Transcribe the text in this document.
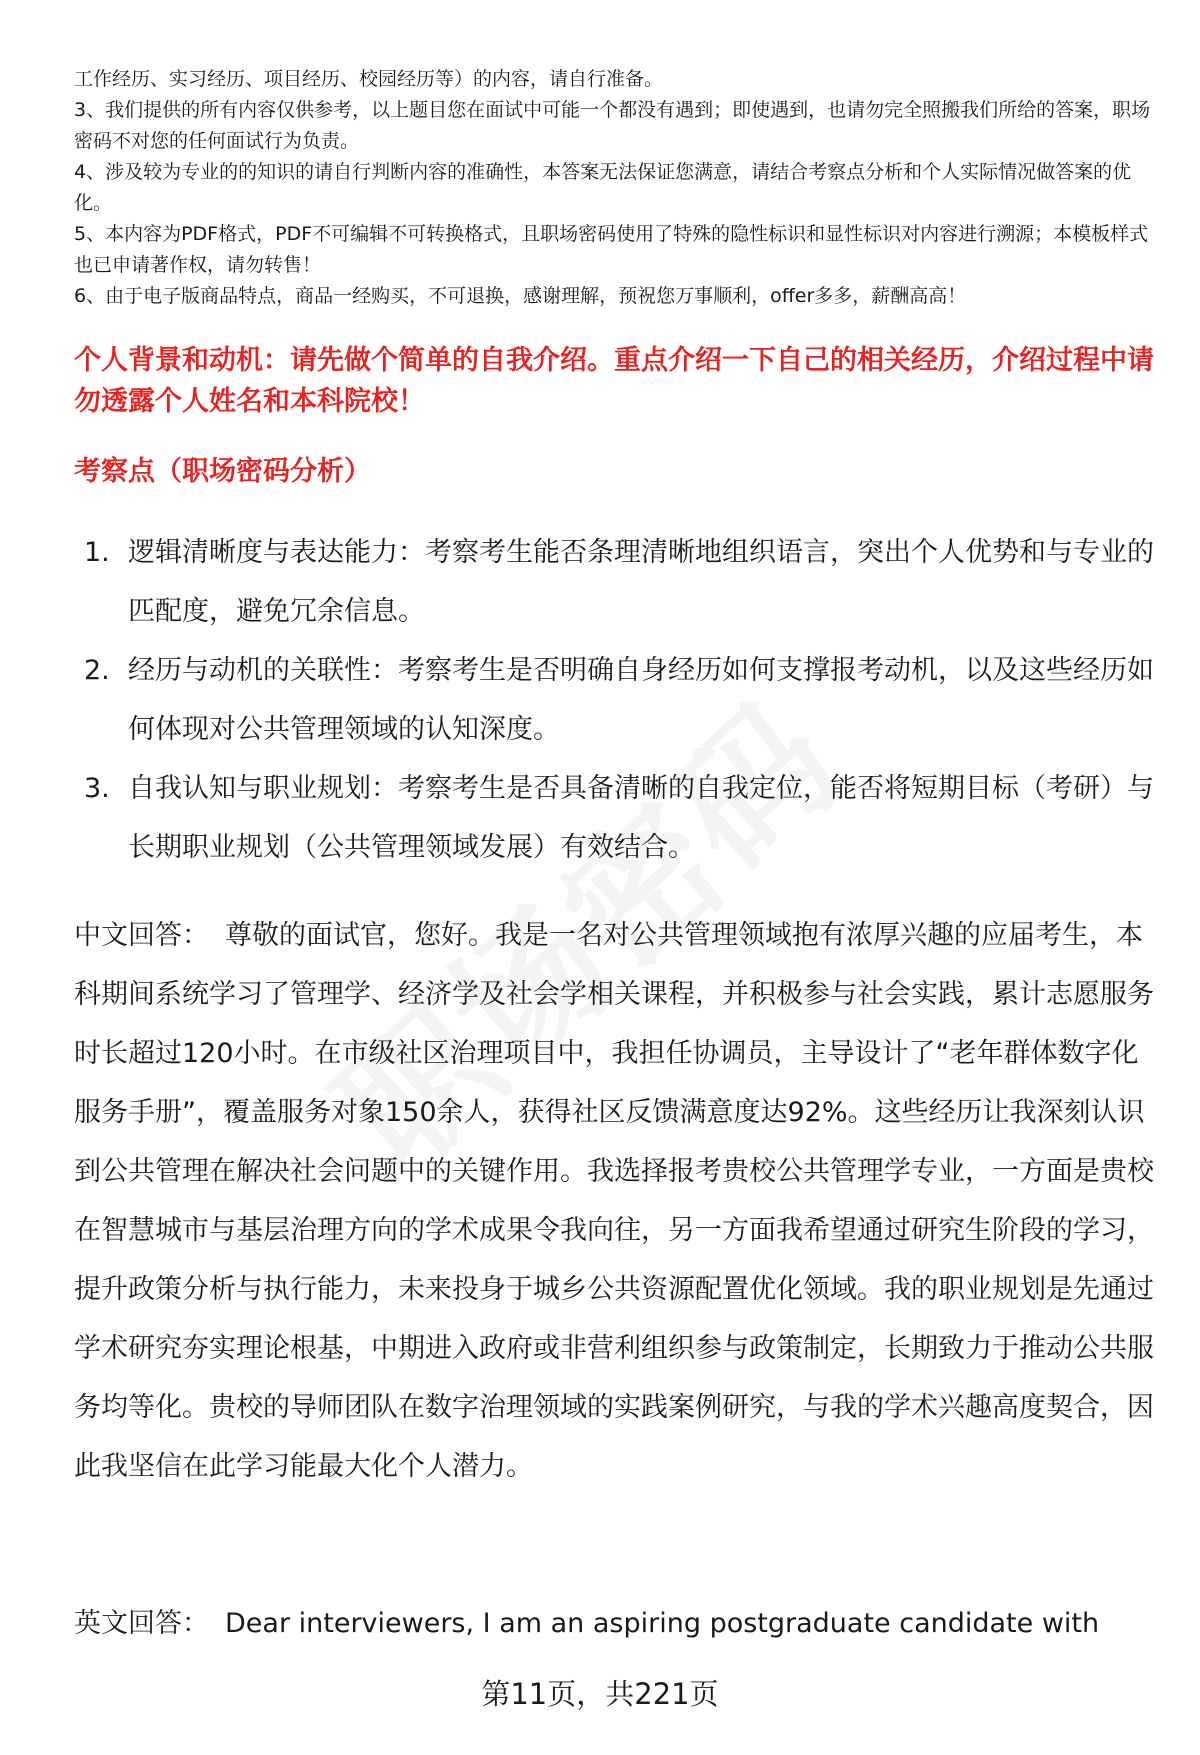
工作经历、实习经历、项目经历、校园经历等）的内容，请自行准备。

3、我们提供的所有内容仅供参考，以上题目您在面试中可能一个都没有遇到；即使遇到，也请勿完全照搬我们所给的答案，职场密码不对您的任何面试行为负责。

4、涉及较为专业的的知识的请自行判断内容的准确性，本答案无法保证您满意，请结合考察点分析和个人实际情况做答案的优化。

5、本内容为PDF格式，PDF不可编辑不可转换格式，且职场密码使用了特殊的隐性标识和显性标识对内容进行溯源；本模板样式也已申请著作权，请勿转售！

6、由于电子版商品特点，商品一经购买，不可退换，感谢理解，预祝您万事顺利，offer多多，薪酬高高！

个人背景和动机：请先做个简单的自我介绍。重点介绍一下自己的相关经历，介绍过程中请勿透露个人姓名和本科院校！

考察点（职场密码分析）

1. 逻辑清晰度与表达能力：考察考生能否条理清晰地组织语言，突出个人优势和与专业的匹配度，避免冗余信息。
2. 经历与动机的关联性：考察考生是否明确自身经历如何支撑报考动机，以及这些经历如何体现对公共管理领域的认知深度。
3. 自我认知与职业规划：考察考生是否具备清晰的自我定位，能否将短期目标（考研）与长期职业规划（公共管理领域发展）有效结合。

中文回答： 尊敬的面试官，您好。我是一名对公共管理领域抱有浓厚兴趣的应届考生，本科期间系统学习了管理学、经济学及社会学相关课程，并积极参与社会实践，累计志愿服务时长超过120小时。在市级社区治理项目中，我担任协调员，主导设计了“老年群体数字化服务手册”，覆盖服务对象150余人，获得社区反馈满意度达92%。这些经历让我深刻认识到公共管理在解决社会问题中的关键作用。我选择报考贵校公共管理学专业，一方面是贵校在智慧城市与基层治理方向的学术成果令我向往，另一方面我希望通过研究生阶段的学习，提升政策分析与执行能力，未来投身于城乡公共资源配置优化领域。我的职业规划是先通过学术研究夯实理论根基，中期进入政府或非营利组织参与政策制定，长期致力于推动公共服务均等化。贵校的导师团队在数字治理领域的实践案例研究，与我的学术兴趣高度契合，因此我坚信在此学习能最大化个人潜力。

英文回答： Dear interviewers, I am an aspiring postgraduate candidate with

第11页，共221页
